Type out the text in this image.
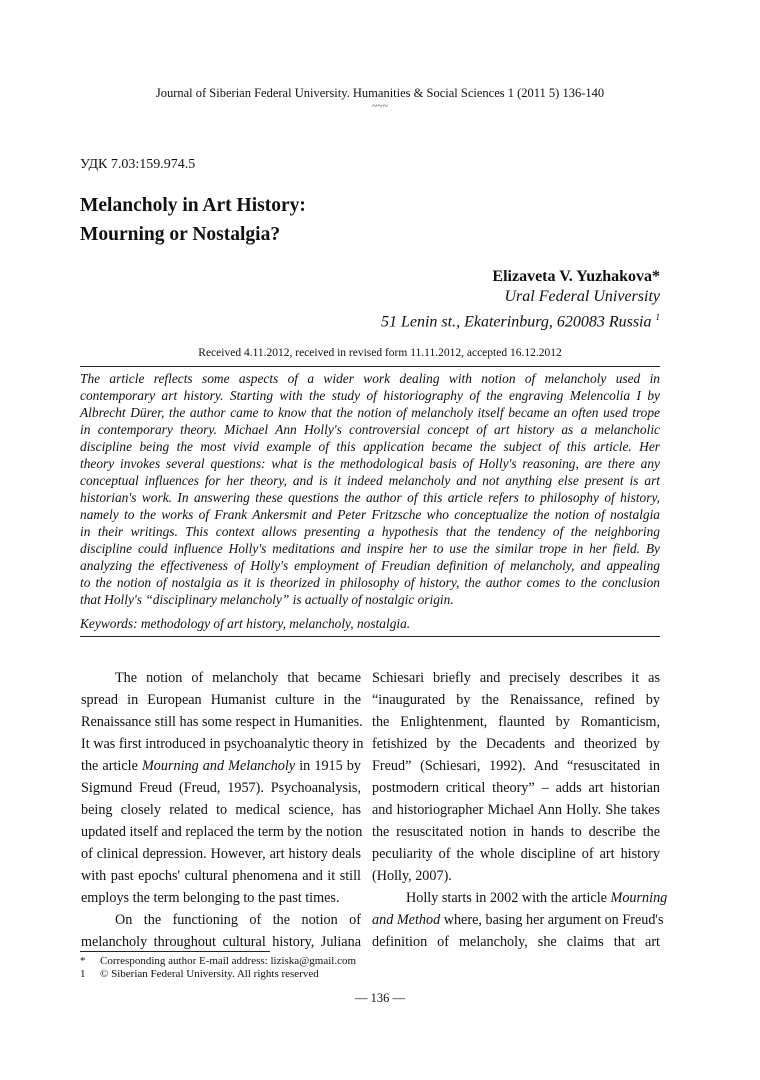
Journal of Siberian Federal University. Humanities & Social Sciences 1 (2011 5) 136-140
~~~
УДК 7.03:159.974.5
Melancholy in Art History:
Mourning or Nostalgia?
Elizaveta V. Yuzhakova*
Ural Federal University
51 Lenin st., Ekaterinburg, 620083 Russia $^1$
Received 4.11.2012, received in revised form 11.11.2012, accepted 16.12.2012
The article reflects some aspects of a wider work dealing with notion of melancholy used in
contemporary art history. Starting with the study of historiography of the engraving Melencolia I by
Albrecht Dürer, the author came to know that the notion of melancholy itself became an often used trope
in contemporary theory. Michael Ann Holly's controversial concept of art history as a melancholic
discipline being the most vivid example of this application became the subject of this article. Her
theory invokes several questions: what is the methodological basis of Holly's reasoning, are there any
conceptual influences for her theory, and is it indeed melancholy and not anything else present is art
historian's work. In answering these questions the author of this article refers to philosophy of history,
namely to the works of Frank Ankersmit and Peter Fritzsche who conceptualize the notion of nostalgia
in their writings. This context allows presenting a hypothesis that the tendency of the neighboring
discipline could influence Holly's meditations and inspire her to use the similar trope in her field. By
analyzing the effectiveness of Holly's employment of Freudian definition of melancholy, and appealing
to the notion of nostalgia as it is theorized in philosophy of history, the author comes to the conclusion
that Holly's “disciplinary melancholy” is actually of nostalgic origin.
Keywords: methodology of art history, melancholy, nostalgia.
The notion of melancholy that became
spread in European Humanist culture in the
Renaissance still has some respect in Humanities.
It was first introduced in psychoanalytic theory in
the article Mourning and Melancholy in 1915 by
Sigmund Freud (Freud, 1957). Psychoanalysis,
being closely related to medical science, has
updated itself and replaced the term by the notion
of clinical depression. However, art history deals
with past epochs' cultural phenomena and it still
employs the term belonging to the past times.
On the functioning of the notion of
melancholy throughout cultural history, Juliana
Schiesari briefly and precisely describes it as
“inaugurated by the Renaissance, refined by
the Enlightenment, flaunted by Romanticism,
fetishized by the Decadents and theorized by
Freud” (Schiesari, 1992). And “resuscitated in
postmodern critical theory” – adds art historian
and historiographer Michael Ann Holly. She takes
the resuscitated notion in hands to describe the
peculiarity of the whole discipline of art history
(Holly, 2007).
Holly starts in 2002 with the article Mourning
and Method where, basing her argument on Freud's
definition of melancholy, she claims that art
* Corresponding author E-mail address: liziska@gmail.com
1 © Siberian Federal University. All rights reserved
— 136 —
